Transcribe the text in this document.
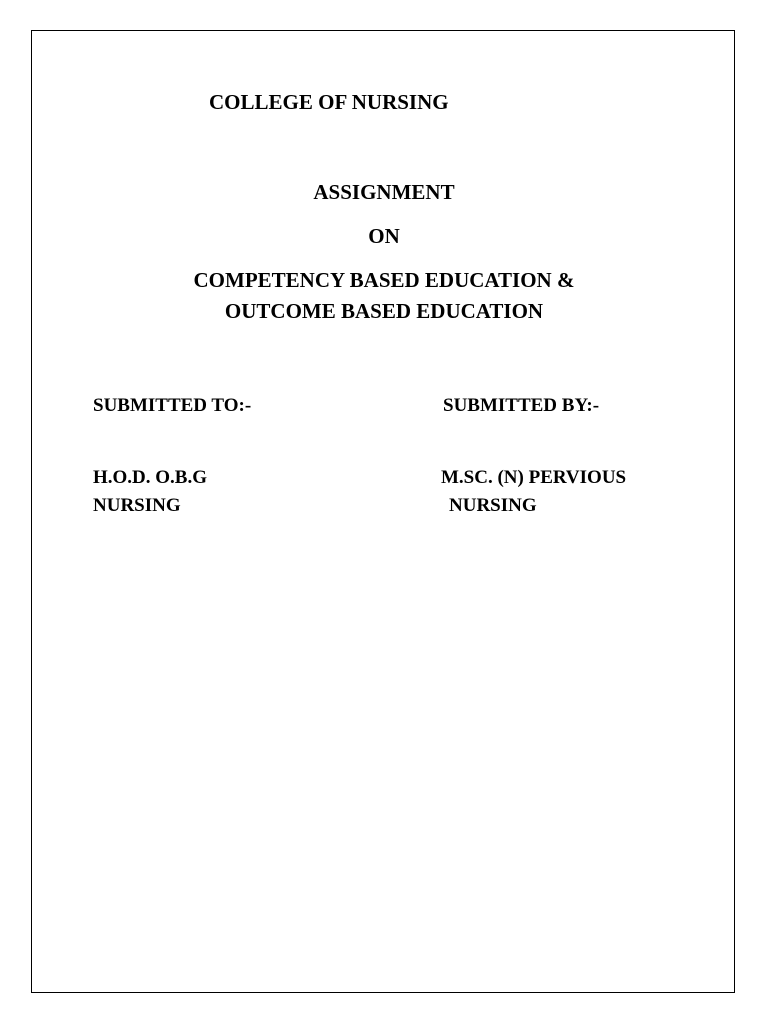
COLLEGE OF NURSING
ASSIGNMENT
ON
COMPETENCY BASED EDUCATION &
OUTCOME BASED EDUCATION
SUBMITTED TO:-	SUBMITTED BY:-
H.O.D. O.B.G
NURSING
M.SC. (N) PERVIOUS
NURSING
